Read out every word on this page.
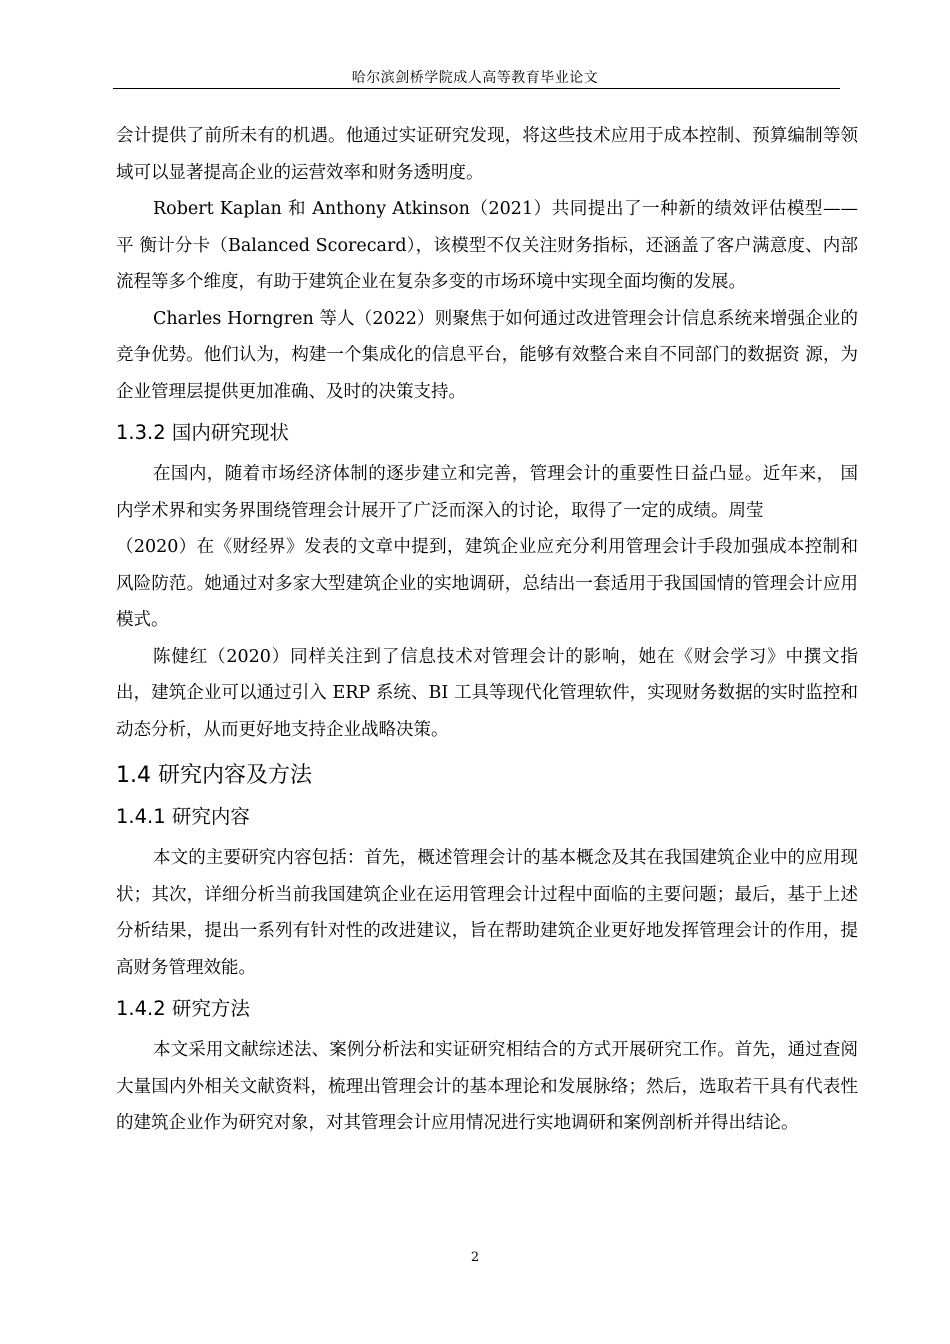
哈尔滨剑桥学院成人高等教育毕业论文

会计提供了前所未有的机遇。他通过实证研究发现，将这些技术应用于成本控制、预算编制等领域可以显著提高企业的运营效率和财务透明度。

Robert Kaplan 和 Anthony Atkinson（2021）共同提出了一种新的绩效评估模型——平 衡计分卡（Balanced Scorecard），该模型不仅关注财务指标，还涵盖了客户满意度、内部 流程等多个维度，有助于建筑企业在复杂多变的市场环境中实现全面均衡的发展。

Charles Horngren 等人（2022）则聚焦于如何通过改进管理会计信息系统来增强企业的 竞争优势。他们认为，构建一个集成化的信息平台，能够有效整合来自不同部门的数据资 源，为企业管理层提供更加准确、及时的决策支持。

1.3.2 国内研究现状

在国内，随着市场经济体制的逐步建立和完善，管理会计的重要性日益凸显。近年来， 国内学术界和实务界围绕管理会计展开了广泛而深入的讨论，取得了一定的成绩。周莹

（2020）在《财经界》发表的文章中提到，建筑企业应充分利用管理会计手段加强成本控制和风险防范。她通过对多家大型建筑企业的实地调研，总结出一套适用于我国国情的管理会计应用模式。

陈健红（2020）同样关注到了信息技术对管理会计的影响，她在《财会学习》中撰文指出，建筑企业可以通过引入 ERP 系统、BI 工具等现代化管理软件，实现财务数据的实时监控和动态分析，从而更好地支持企业战略决策。

1.4 研究内容及方法
1.4.1 研究内容

本文的主要研究内容包括：首先，概述管理会计的基本概念及其在我国建筑企业中的应用现状；其次，详细分析当前我国建筑企业在运用管理会计过程中面临的主要问题；最后，基于上述分析结果，提出一系列有针对性的改进建议，旨在帮助建筑企业更好地发挥管理会计的作用，提高财务管理效能。

1.4.2 研究方法

本文采用文献综述法、案例分析法和实证研究相结合的方式开展研究工作。首先，通过查阅大量国内外相关文献资料，梳理出管理会计的基本理论和发展脉络；然后，选取若干具有代表性的建筑企业作为研究对象，对其管理会计应用情况进行实地调研和案例剖析并得出结论。

2
